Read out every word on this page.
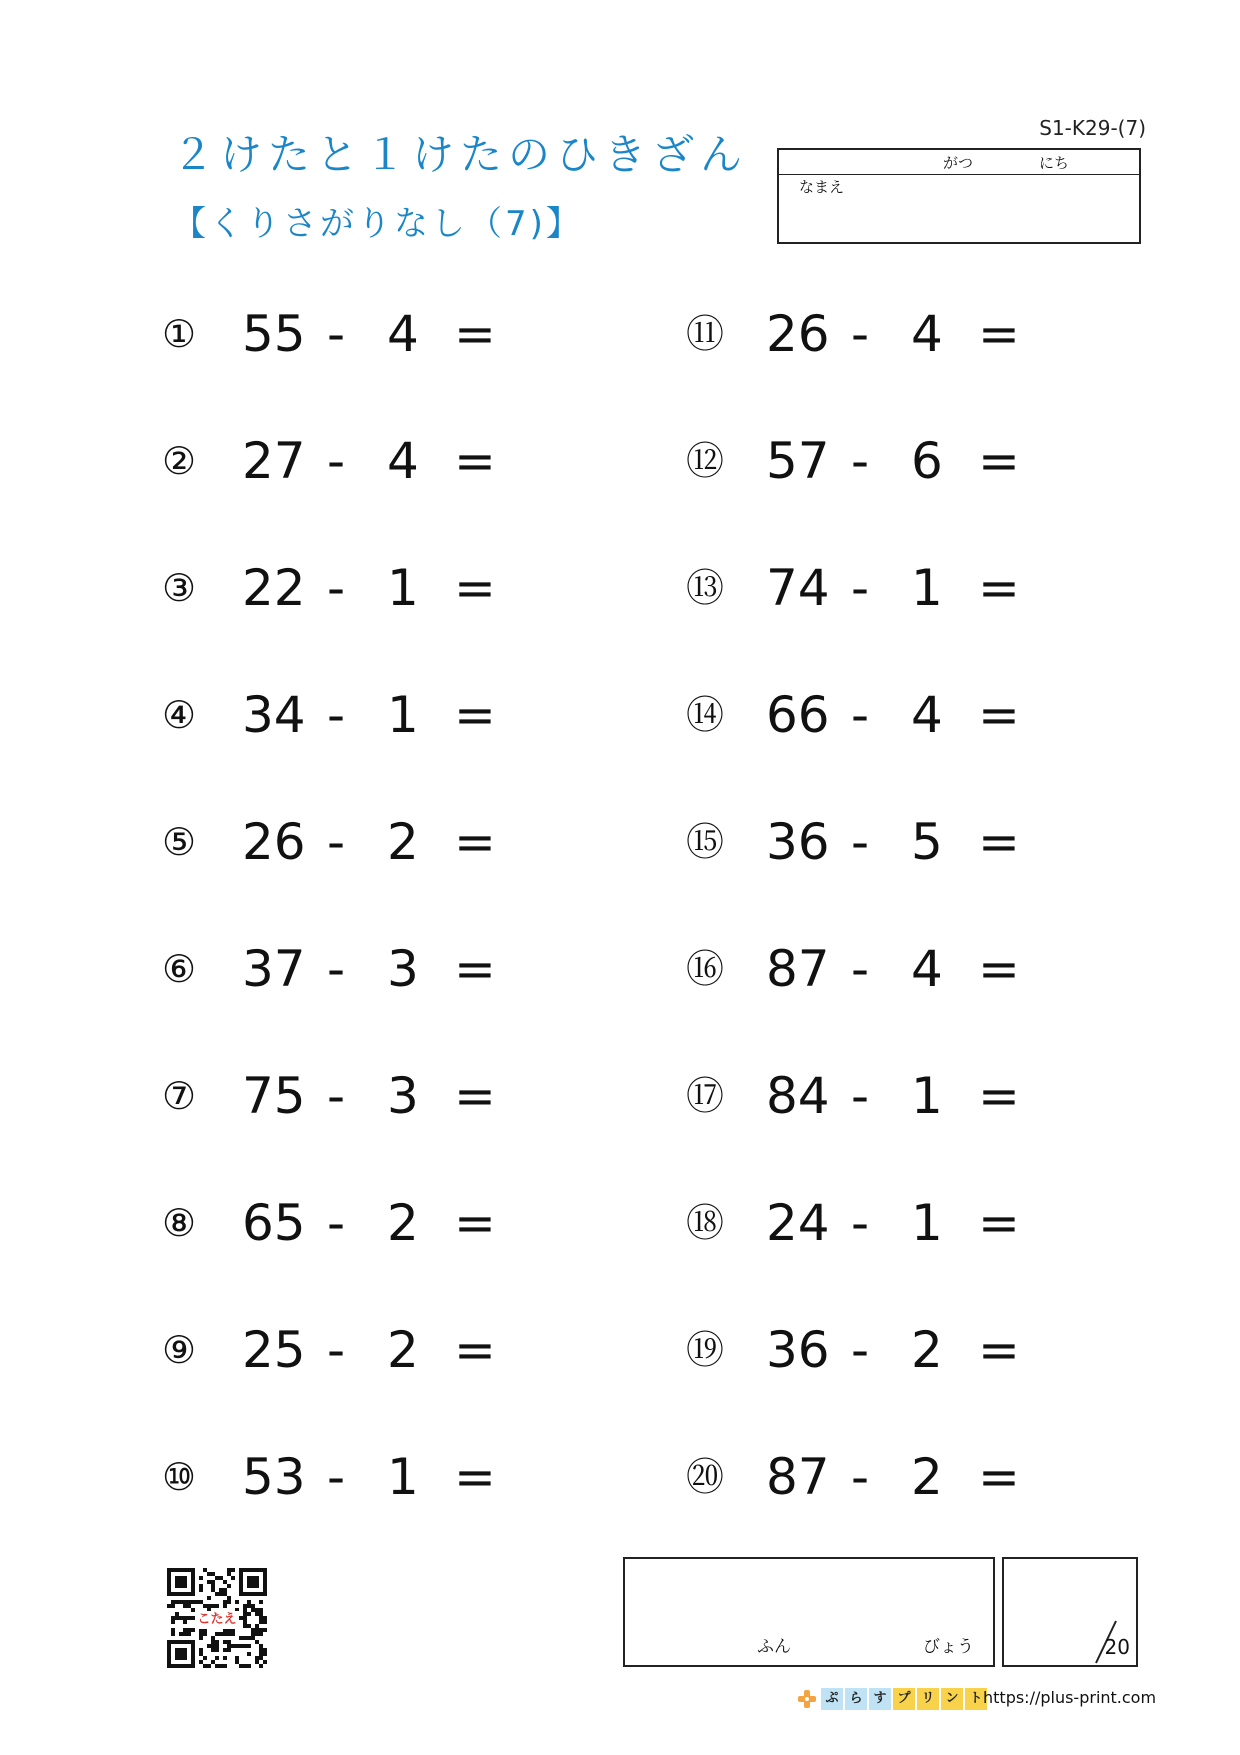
２けたと１けたのひきざん
【くりさがりなし（7)】
S1-K29-(7)
がつ	にち
なまえ
① 55 - 4 =
② 27 - 4 =
③ 22 - 1 =
④ 34 - 1 =
⑤ 26 - 2 =
⑥ 37 - 3 =
⑦ 75 - 3 =
⑧ 65 - 2 =
⑨ 25 - 2 =
⑩ 53 - 1 =
⑪ 26 - 4 =
⑫ 57 - 6 =
⑬ 74 - 1 =
⑭ 66 - 4 =
⑮ 36 - 5 =
⑯ 87 - 4 =
⑰ 84 - 1 =
⑱ 24 - 1 =
⑲ 36 - 2 =
⑳ 87 - 2 =
ふん	びょう	20
こたえ
ぷ ら す プ リ ン ト https://plus-print.com
